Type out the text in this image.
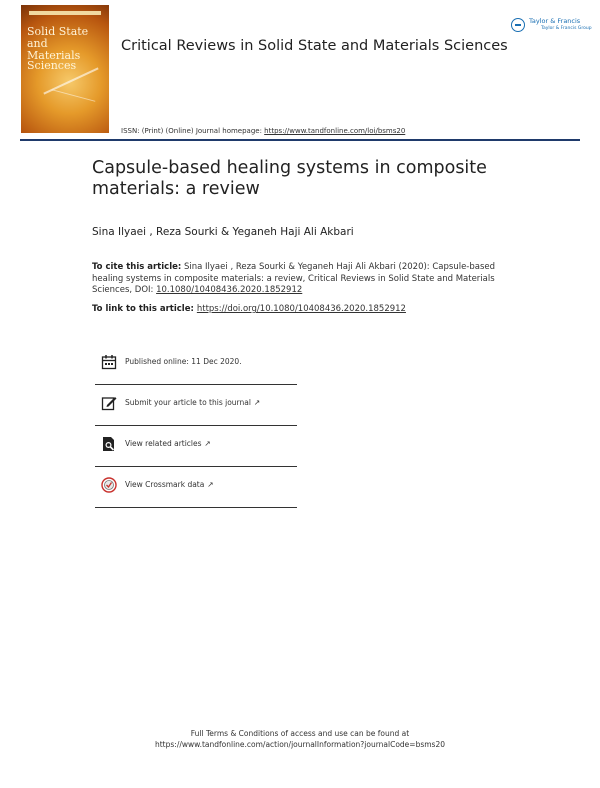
Solid State
and
Materials Sciences
Critical Reviews in Solid State and Materials Sciences
ISSN: (Print) (Online) Journal homepage: https://www.tandfonline.com/loi/bsms20
Taylor & Francis
Taylor & Francis Group
Capsule-based healing systems in composite materials: a review
Sina Ilyaei , Reza Sourki & Yeganeh Haji Ali Akbari
To cite this article: Sina Ilyaei , Reza Sourki & Yeganeh Haji Ali Akbari (2020): Capsule-based healing systems in composite materials: a review, Critical Reviews in Solid State and Materials Sciences, DOI: 10.1080/10408436.2020.1852912
To link to this article: https://doi.org/10.1080/10408436.2020.1852912
Published online: 11 Dec 2020.
Submit your article to this journal ↗
View related articles ↗
View Crossmark data ↗
Full Terms & Conditions of access and use can be found at
https://www.tandfonline.com/action/journalInformation?journalCode=bsms20
